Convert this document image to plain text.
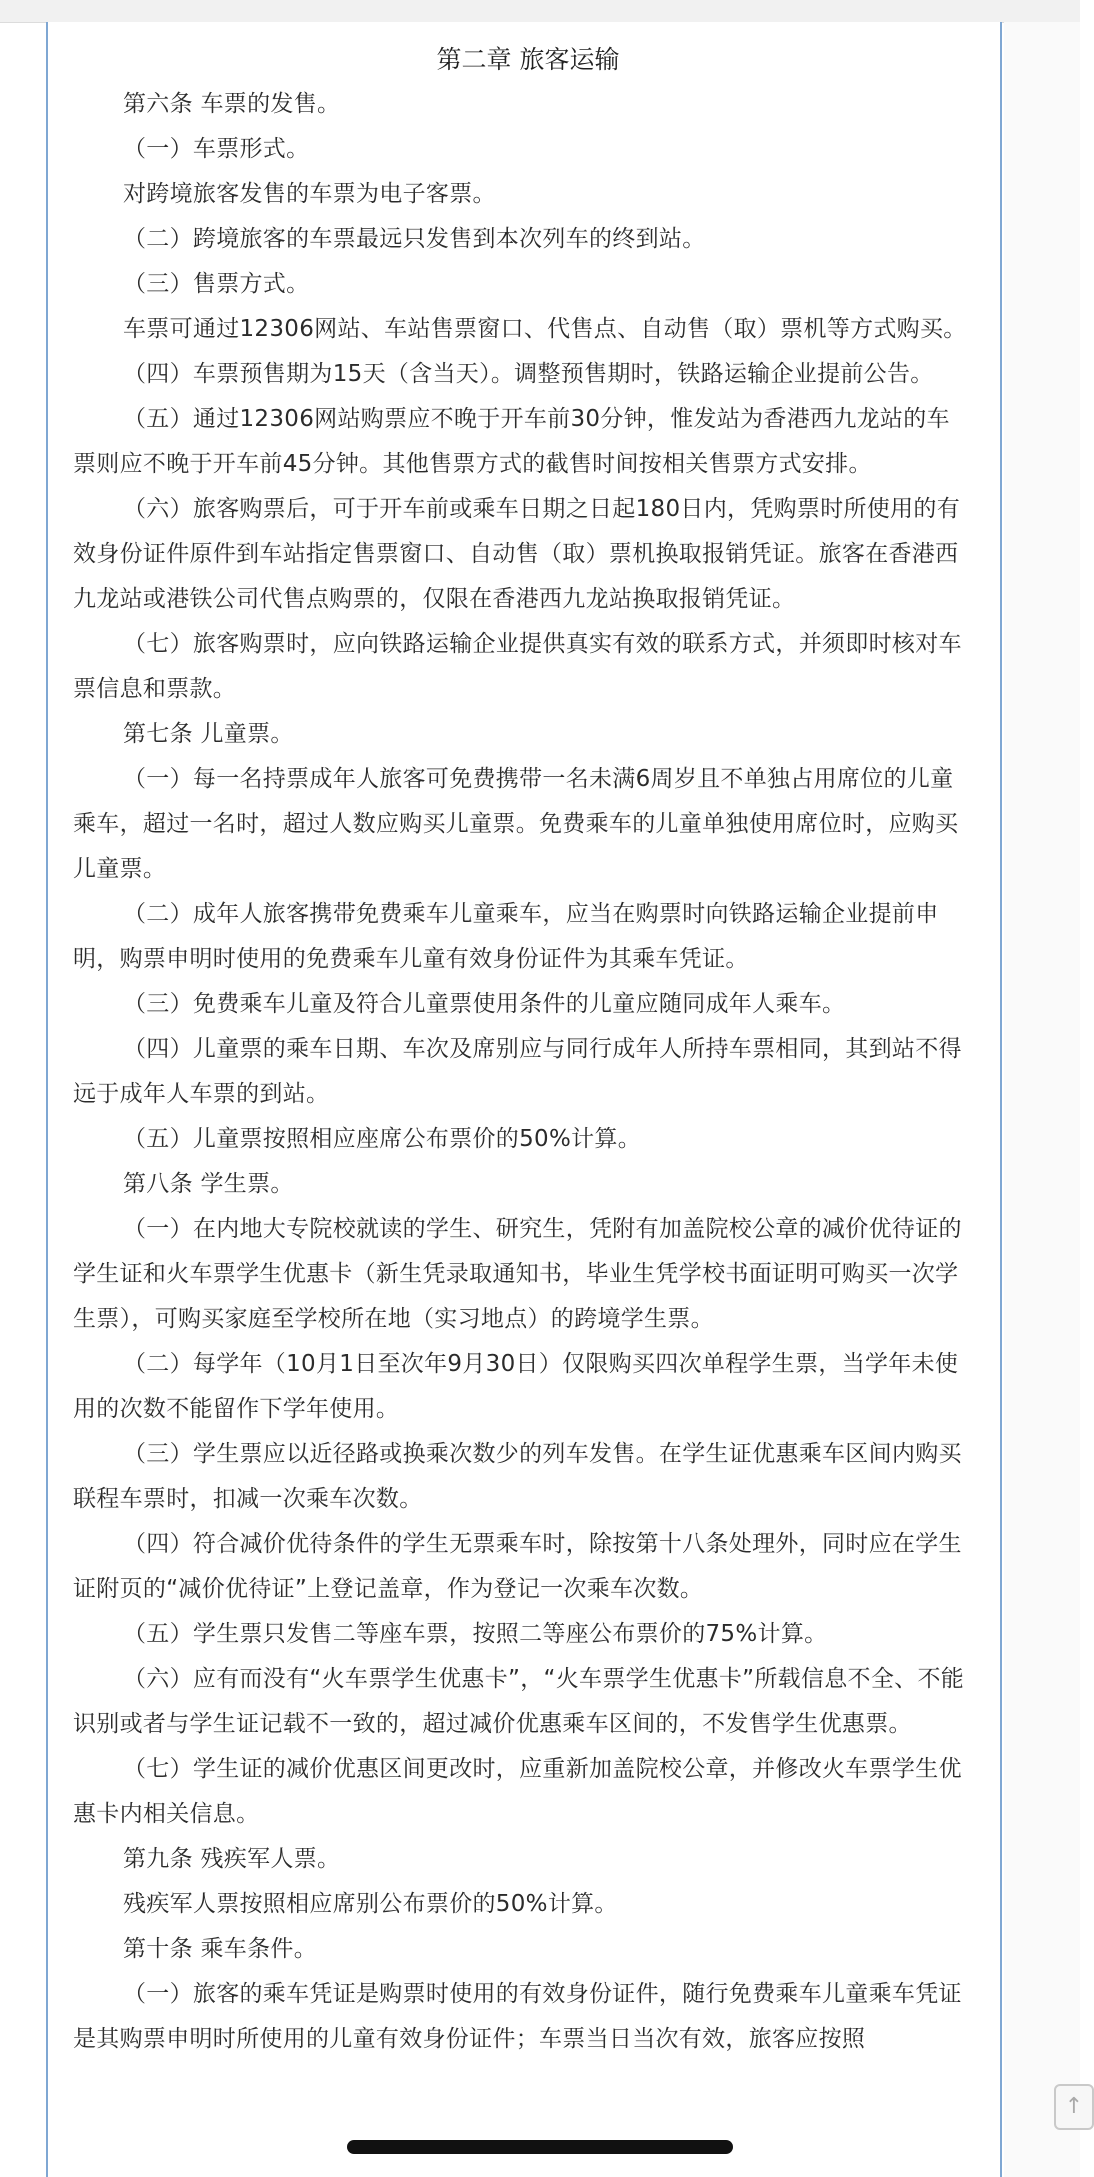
第二章 旅客运输

第六条 车票的发售。

（一）车票形式。

对跨境旅客发售的车票为电子客票。

（二）跨境旅客的车票最远只发售到本次列车的终到站。

（三）售票方式。

车票可通过12306网站、车站售票窗口、代售点、自动售（取）票机等方式购买。

（四）车票预售期为15天（含当天）。调整预售期时，铁路运输企业提前公告。

（五）通过12306网站购票应不晚于开车前30分钟，惟发站为香港西九龙站的车票则应不晚于开车前45分钟。其他售票方式的截售时间按相关售票方式安排。

（六）旅客购票后，可于开车前或乘车日期之日起180日内，凭购票时所使用的有效身份证件原件到车站指定售票窗口、自动售（取）票机换取报销凭证。旅客在香港西九龙站或港铁公司代售点购票的，仅限在香港西九龙站换取报销凭证。

（七）旅客购票时，应向铁路运输企业提供真实有效的联系方式，并须即时核对车票信息和票款。

第七条 儿童票。

（一）每一名持票成年人旅客可免费携带一名未满6周岁且不单独占用席位的儿童乘车，超过一名时，超过人数应购买儿童票。免费乘车的儿童单独使用席位时，应购买儿童票。

（二）成年人旅客携带免费乘车儿童乘车，应当在购票时向铁路运输企业提前申明，购票申明时使用的免费乘车儿童有效身份证件为其乘车凭证。

（三）免费乘车儿童及符合儿童票使用条件的儿童应随同成年人乘车。

（四）儿童票的乘车日期、车次及席别应与同行成年人所持车票相同，其到站不得远于成年人车票的到站。

（五）儿童票按照相应座席公布票价的50%计算。

第八条 学生票。

（一）在内地大专院校就读的学生、研究生，凭附有加盖院校公章的减价优待证的学生证和火车票学生优惠卡（新生凭录取通知书，毕业生凭学校书面证明可购买一次学生票），可购买家庭至学校所在地（实习地点）的跨境学生票。

（二）每学年（10月1日至次年9月30日）仅限购买四次单程学生票，当学年未使用的次数不能留作下学年使用。

（三）学生票应以近径路或换乘次数少的列车发售。在学生证优惠乘车区间内购买联程车票时，扣减一次乘车次数。

（四）符合减价优待条件的学生无票乘车时，除按第十八条处理外，同时应在学生证附页的“减价优待证”上登记盖章，作为登记一次乘车次数。

（五）学生票只发售二等座车票，按照二等座公布票价的75%计算。

（六）应有而没有“火车票学生优惠卡”，“火车票学生优惠卡”所载信息不全、不能识别或者与学生证记载不一致的，超过减价优惠乘车区间的，不发售学生优惠票。

（七）学生证的减价优惠区间更改时，应重新加盖院校公章，并修改火车票学生优惠卡内相关信息。

第九条 残疾军人票。

残疾军人票按照相应席别公布票价的50%计算。

第十条 乘车条件。

（一）旅客的乘车凭证是购票时使用的有效身份证件，随行免费乘车儿童乘车凭证是其购票申明时所使用的儿童有效身份证件；车票当日当次有效，旅客应按照

↑
